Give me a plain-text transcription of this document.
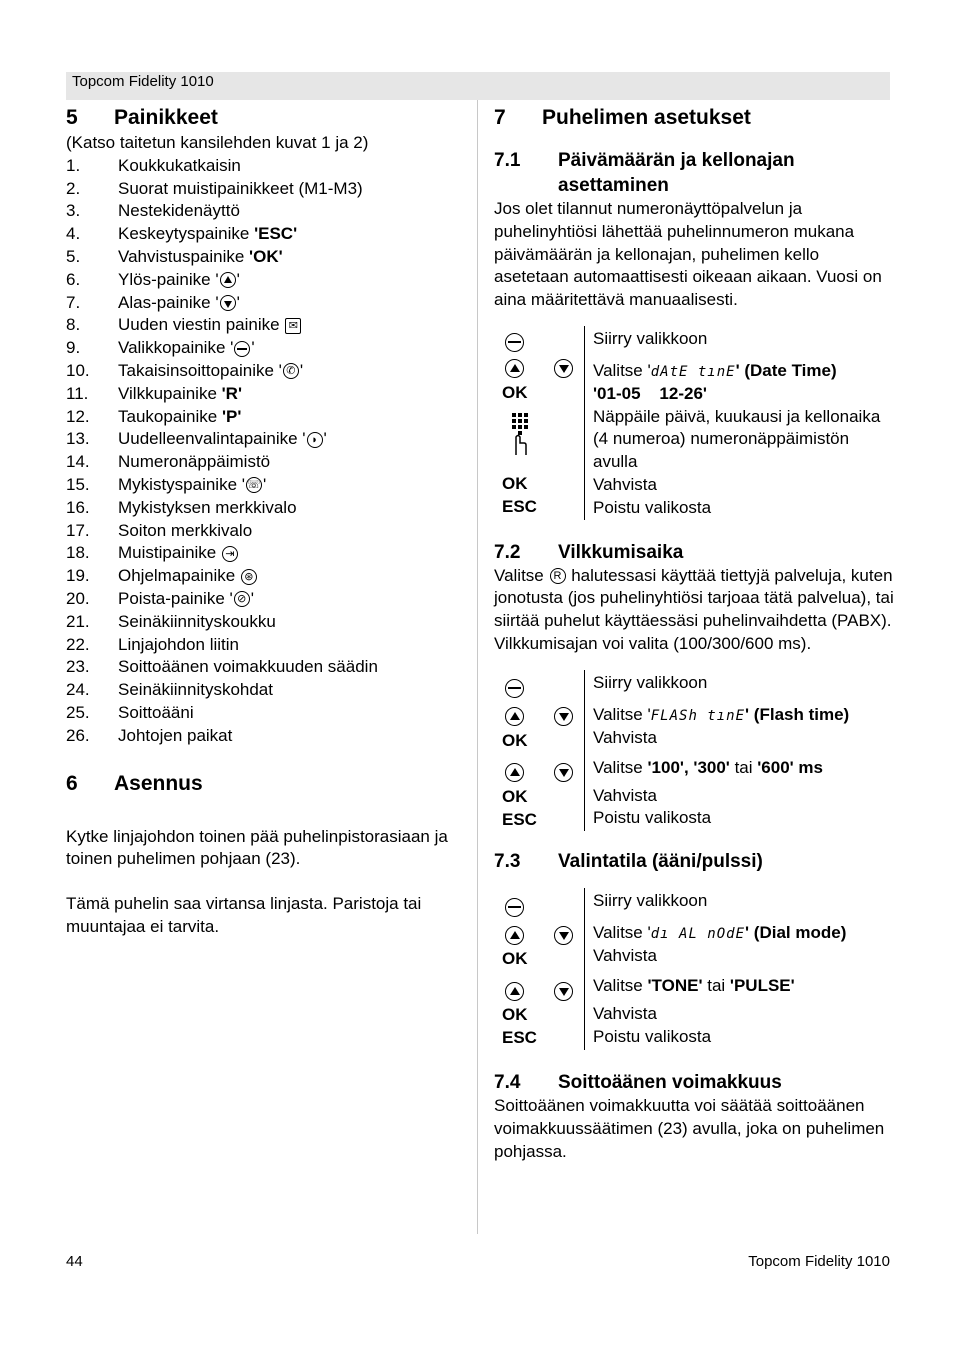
Topcom Fidelity 1010
5 Painikkeet

(Katso taitetun kansilehden kuvat 1 ja 2)

1.	Koukkukatkaisin
2.	Suorat muistipainikkeet (M1-M3)
3.	Nestekidenäyttö
4.	Keskeytyspainike 'ESC'
5.	Vahvistuspainike 'OK'
6.	Ylös-painike ' '
7.	Alas-painike ' '
8.	Uuden viestin painike ✉
9.	Valikkopainike ' '
10.	Takaisinsoittopainike ' ✆ '
11.	Vilkkupainike 'R'
12.	Taukopainike 'P'
13.	Uudelleenvalintapainike ' ◗ '
14.	Numeronäppäimistö
15.	Mykistyspainike ' ☏ '
16.	Mykistyksen merkkivalo
17.	Soiton merkkivalo
18.	Muistipainike ⇥
19.	Ohjelmapainike ⊛
20.	Poista-painike ' ⊘ '
21.	Seinäkiinnityskoukku
22.	Linjajohdon liitin
23.	Soittoäänen voimakkuuden säädin
24.	Seinäkiinnityskohdat
25.	Soittoääni
26.	Johtojen paikat
6 Asennus

Kytke linjajohdon toinen pää puhelinpistorasiaan ja toinen puhelimen pohjaan (23).

Tämä puhelin saa virtansa linjasta. Paristoja tai muuntajaa ei tarvita.

7 Puhelimen asetukset
7.1	Päivämäärän ja kellonajan asettaminen

Jos olet tilannut numeronäyttöpalvelun ja puhelinyhtiösi lähettää puhelinnumeron mukana päivämäärän ja kellonajan, puhelimen kello asetetaan automaattisesti oikeaan aikaan. Vuosi on aina määritettävä manuaalisesti.

OK
OK
ESC
Siirry valikkoon
Valitse 'dAtE tınE' (Date Time)
'01-05    12-26'

Näppäile päivä, kuukausi ja kellonaika (4 numeroa) numeronäppäimistön avulla

Vahvista
Poistu valikosta
7.2	Vilkkumisaika

Valitse R halutessasi käyttää tiettyjä palveluja, kuten jonotusta (jos puhelinyhtiösi tarjoaa tätä palvelua), tai siirtää puhelut käyttäessäsi puhelinvaihdetta (PABX).

Vilkkumisajan voi valita (100/300/600 ms).

OK
OK
ESC
Siirry valikkoon
Valitse 'FLASh tınE' (Flash time)
Vahvista
Valitse '100', '300' tai '600' ms
Vahvista
Poistu valikosta
7.3	Valintatila (ääni/pulssi)
OK
OK
ESC
Siirry valikkoon
Valitse 'dı AL nOdE' (Dial mode)
Vahvista
Valitse 'TONE' tai 'PULSE'
Vahvista
Poistu valikosta
7.4	Soittoäänen voimakkuus

Soittoäänen voimakkuutta voi säätää soittoäänen voimakkuussäätimen (23) avulla, joka on puhelimen pohjassa.

44	Topcom Fidelity 1010
